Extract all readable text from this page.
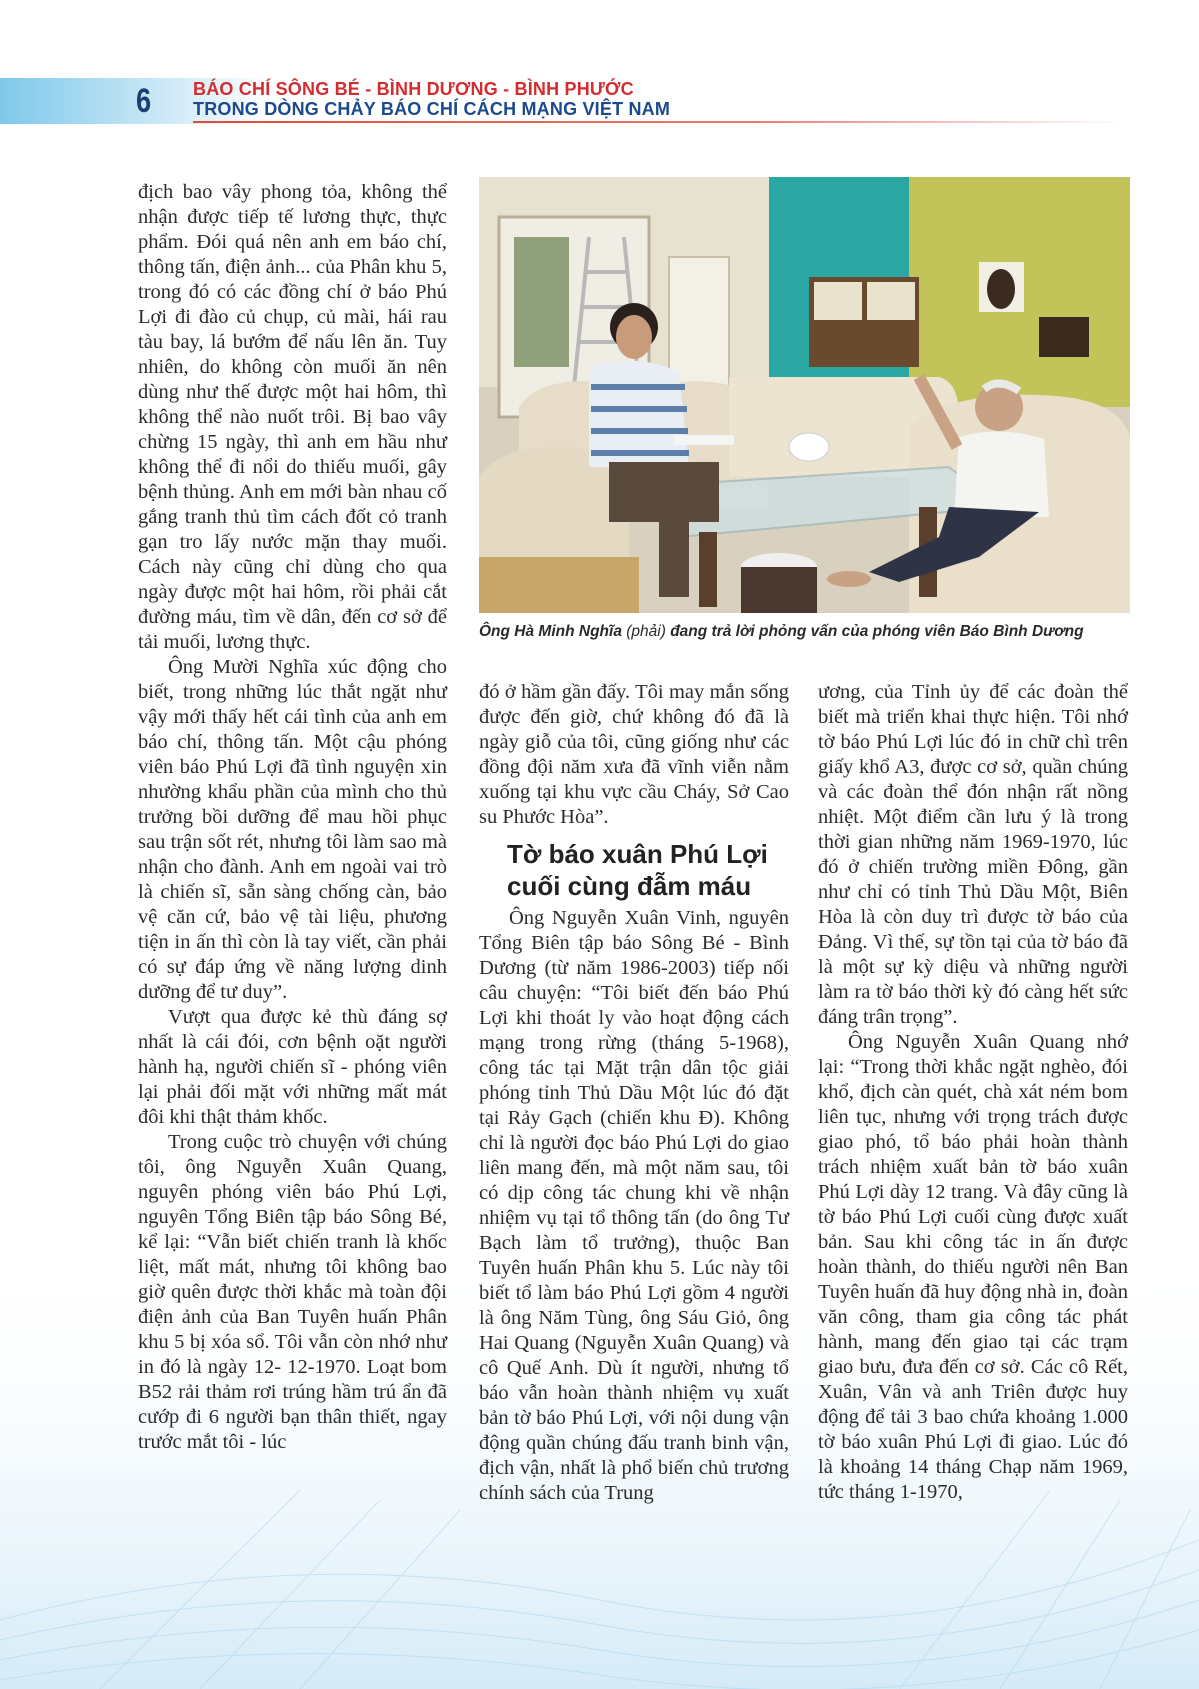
6 BÁO CHÍ SÔNG BÉ - BÌNH DƯƠNG - BÌNH PHƯỚC
TRONG DÒNG CHẢY BÁO CHÍ CÁCH MẠNG VIỆT NAM

địch bao vây phong tỏa, không thể nhận được tiếp tế lương thực, thực phẩm. Đói quá nên anh em báo chí, thông tấn, điện ảnh... của Phân khu 5, trong đó có các đồng chí ở báo Phú Lợi đi đào củ chụp, củ mài, hái rau tàu bay, lá bướm để nấu lên ăn. Tuy nhiên, do không còn muối ăn nên dùng như thế được một hai hôm, thì không thể nào nuốt trôi. Bị bao vây chừng 15 ngày, thì anh em hầu như không thể đi nổi do thiếu muối, gây bệnh thủng. Anh em mới bàn nhau cố gắng tranh thủ tìm cách đốt cỏ tranh gạn tro lấy nước mặn thay muối. Cách này cũng chỉ dùng cho qua ngày được một hai hôm, rồi phải cắt đường máu, tìm về dân, đến cơ sở để tải muối, lương thực.

Ông Mười Nghĩa xúc động cho biết, trong những lúc thắt ngặt như vậy mới thấy hết cái tình của anh em báo chí, thông tấn. Một cậu phóng viên báo Phú Lợi đã tình nguyện xin nhường khẩu phần của mình cho thủ trưởng bồi dưỡng để mau hồi phục sau trận sốt rét, nhưng tôi làm sao mà nhận cho đành. Anh em ngoài vai trò là chiến sĩ, sẵn sàng chống càn, bảo vệ căn cứ, bảo vệ tài liệu, phương tiện in ấn thì còn là tay viết, cần phải có sự đáp ứng về năng lượng dinh dưỡng để tư duy”.

Vượt qua được kẻ thù đáng sợ nhất là cái đói, cơn bệnh oặt người hành hạ, người chiến sĩ - phóng viên lại phải đối mặt với những mất mát đôi khi thật thảm khốc.

Trong cuộc trò chuyện với chúng tôi, ông Nguyễn Xuân Quang, nguyên phóng viên báo Phú Lợi, nguyên Tổng Biên tập báo Sông Bé, kể lại: “Vẫn biết chiến tranh là khốc liệt, mất mát, nhưng tôi không bao giờ quên được thời khắc mà toàn đội điện ảnh của Ban Tuyên huấn Phân khu 5 bị xóa sổ. Tôi vẫn còn nhớ như in đó là ngày 12- 12-1970. Loạt bom B52 rải thảm rơi trúng hầm trú ẩn đã cướp đi 6 người bạn thân thiết, ngay trước mắt tôi - lúc

Ông Hà Minh Nghĩa (phải) đang trả lời phỏng vấn của phóng viên Báo Bình Dương

đó ở hầm gần đấy. Tôi may mắn sống được đến giờ, chứ không đó đã là ngày giỗ của tôi, cũng giống như các đồng đội năm xưa đã vĩnh viễn nằm xuống tại khu vực cầu Cháy, Sở Cao su Phước Hòa”.

Tờ báo xuân Phú Lợi
cuối cùng đẫm máu

Ông Nguyễn Xuân Vinh, nguyên Tổng Biên tập báo Sông Bé - Bình Dương (từ năm 1986-2003) tiếp nối câu chuyện: “Tôi biết đến báo Phú Lợi khi thoát ly vào hoạt động cách mạng trong rừng (tháng 5-1968), công tác tại Mặt trận dân tộc giải phóng tỉnh Thủ Dầu Một lúc đó đặt tại Rảy Gạch (chiến khu Đ). Không chỉ là người đọc báo Phú Lợi do giao liên mang đến, mà một năm sau, tôi có dịp công tác chung khi về nhận nhiệm vụ tại tổ thông tấn (do ông Tư Bạch làm tổ trưởng), thuộc Ban Tuyên huấn Phân khu 5. Lúc này tôi biết tổ làm báo Phú Lợi gồm 4 người là ông Năm Tùng, ông Sáu Giỏ, ông Hai Quang (Nguyễn Xuân Quang) và cô Quế Anh. Dù ít người, nhưng tổ báo vẫn hoàn thành nhiệm vụ xuất bản tờ báo Phú Lợi, với nội dung vận động quần chúng đấu tranh binh vận, địch vận, nhất là phổ biến chủ trương chính sách của Trung

ương, của Tỉnh ủy để các đoàn thể biết mà triển khai thực hiện. Tôi nhớ tờ báo Phú Lợi lúc đó in chữ chì trên giấy khổ A3, được cơ sở, quần chúng và các đoàn thể đón nhận rất nồng nhiệt. Một điểm cần lưu ý là trong thời gian những năm 1969-1970, lúc đó ở chiến trường miền Đông, gần như chỉ có tỉnh Thủ Dầu Một, Biên Hòa là còn duy trì được tờ báo của Đảng. Vì thế, sự tồn tại của tờ báo đã là một sự kỳ diệu và những người làm ra tờ báo thời kỳ đó càng hết sức đáng trân trọng”.

Ông Nguyễn Xuân Quang nhớ lại: “Trong thời khắc ngặt nghèo, đói khổ, địch càn quét, chà xát ném bom liên tục, nhưng với trọng trách được giao phó, tổ báo phải hoàn thành trách nhiệm xuất bản tờ báo xuân Phú Lợi dày 12 trang. Và đây cũng là tờ báo Phú Lợi cuối cùng được xuất bản. Sau khi công tác in ấn được hoàn thành, do thiếu người nên Ban Tuyên huấn đã huy động nhà in, đoàn văn công, tham gia công tác phát hành, mang đến giao tại các trạm giao bưu, đưa đến cơ sở. Các cô Rết, Xuân, Vân và anh Triên được huy động để tải 3 bao chứa khoảng 1.000 tờ báo xuân Phú Lợi đi giao. Lúc đó là khoảng 14 tháng Chạp năm 1969, tức tháng 1-1970,
